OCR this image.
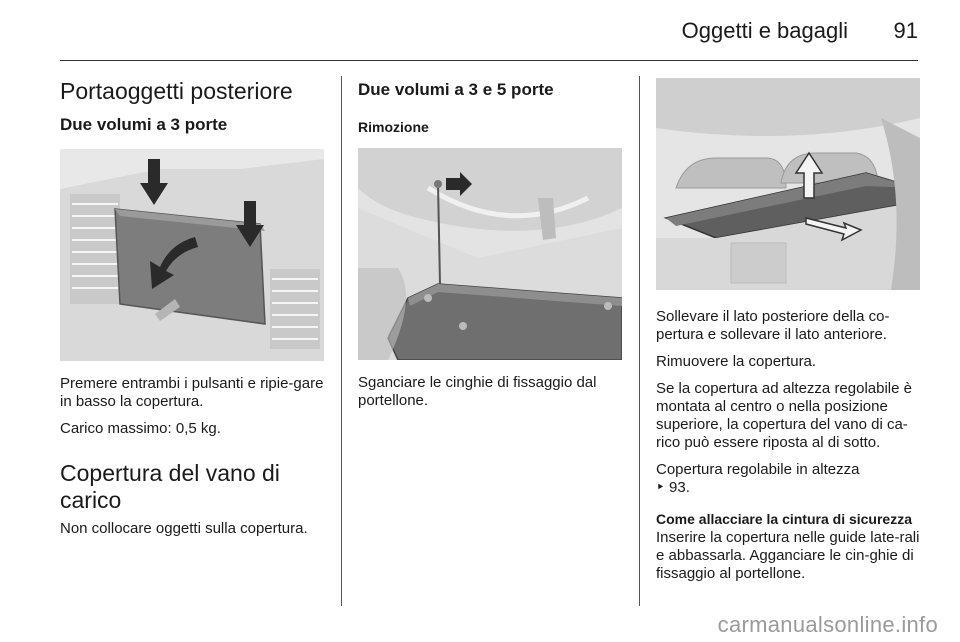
Oggetti e bagagli 91
Portaoggetti posteriore
Due volumi a 3 porte

Premere entrambi i pulsanti e ripie-gare in basso la copertura.

Carico massimo: 0,5 kg.

Copertura del vano di carico

Non collocare oggetti sulla copertura.

Due volumi a 3 e 5 porte
Rimozione

Sganciare le cinghie di fissaggio dal portellone.

Sollevare il lato posteriore della co-pertura e sollevare il lato anteriore.

Rimuovere la copertura.

Se la copertura ad altezza regolabile è montata al centro o nella posizione superiore, la copertura del vano di ca-rico può essere riposta al di sotto.

Copertura regolabile in altezza
‣ 93.

Come allacciare la cintura di sicurezza

Inserire la copertura nelle guide late-rali e abbassarla. Agganciare le cin-ghie di fissaggio al portellone.

carmanualsonline.info
